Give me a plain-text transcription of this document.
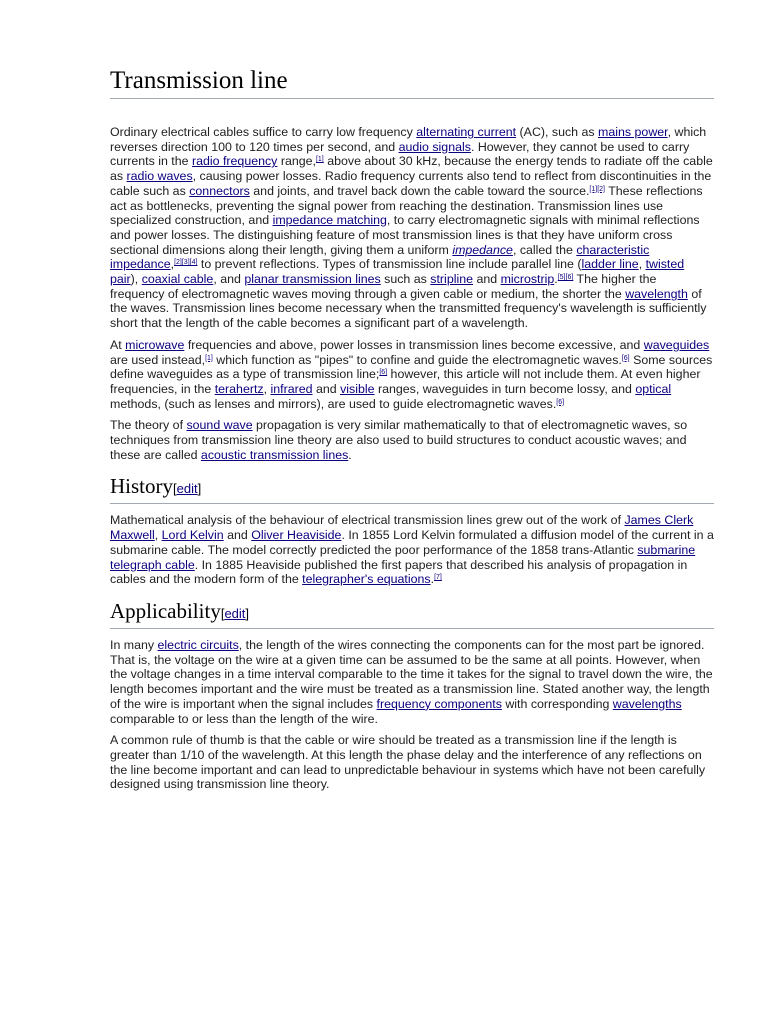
Transmission line

Ordinary electrical cables suffice to carry low frequency alternating current (AC), such as mains power, which reverses direction 100 to 120 times per second, and audio signals. However, they cannot be used to carry currents in the radio frequency range,[1] above about 30 kHz, because the energy tends to radiate off the cable as radio waves, causing power losses. Radio frequency currents also tend to reflect from discontinuities in the cable such as connectors and joints, and travel back down the cable toward the source.[1][2] These reflections act as bottlenecks, preventing the signal power from reaching the destination. Transmission lines use specialized construction, and impedance matching, to carry electromagnetic signals with minimal reflections and power losses. The distinguishing feature of most transmission lines is that they have uniform cross sectional dimensions along their length, giving them a uniform impedance, called the characteristic impedance,[2][3][4] to prevent reflections. Types of transmission line include parallel line (ladder line, twisted pair), coaxial cable, and planar transmission lines such as stripline and microstrip.[5][6] The higher the frequency of electromagnetic waves moving through a given cable or medium, the shorter the wavelength of the waves. Transmission lines become necessary when the transmitted frequency's wavelength is sufficiently short that the length of the cable becomes a significant part of a wavelength.

At microwave frequencies and above, power losses in transmission lines become excessive, and waveguides are used instead,[1] which function as "pipes" to confine and guide the electromagnetic waves.[6] Some sources define waveguides as a type of transmission line;[6] however, this article will not include them. At even higher frequencies, in the terahertz, infrared and visible ranges, waveguides in turn become lossy, and optical methods, (such as lenses and mirrors), are used to guide electromagnetic waves.[6]

The theory of sound wave propagation is very similar mathematically to that of electromagnetic waves, so techniques from transmission line theory are also used to build structures to conduct acoustic waves; and these are called acoustic transmission lines.

History[edit]

Mathematical analysis of the behaviour of electrical transmission lines grew out of the work of James Clerk Maxwell, Lord Kelvin and Oliver Heaviside. In 1855 Lord Kelvin formulated a diffusion model of the current in a submarine cable. The model correctly predicted the poor performance of the 1858 trans-Atlantic submarine telegraph cable. In 1885 Heaviside published the first papers that described his analysis of propagation in cables and the modern form of the telegrapher's equations.[7]

Applicability[edit]

In many electric circuits, the length of the wires connecting the components can for the most part be ignored. That is, the voltage on the wire at a given time can be assumed to be the same at all points. However, when the voltage changes in a time interval comparable to the time it takes for the signal to travel down the wire, the length becomes important and the wire must be treated as a transmission line. Stated another way, the length of the wire is important when the signal includes frequency components with corresponding wavelengths comparable to or less than the length of the wire.

A common rule of thumb is that the cable or wire should be treated as a transmission line if the length is greater than 1/10 of the wavelength. At this length the phase delay and the interference of any reflections on the line become important and can lead to unpredictable behaviour in systems which have not been carefully designed using transmission line theory.
